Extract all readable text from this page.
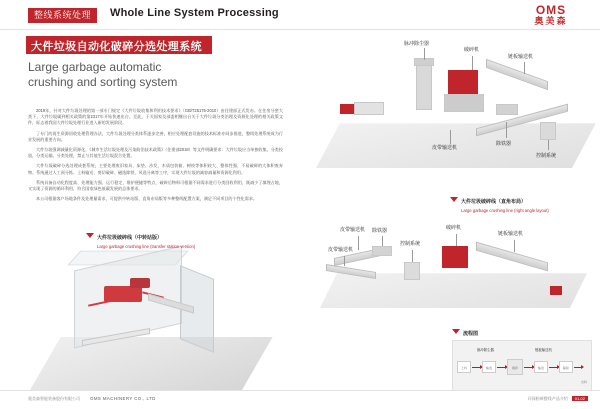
整线系统处理	Whole Line System Processing	OMS
奥美森
大件垃圾自动化破碎分选处理系统
Large garbage automatic crushing and sorting system

2019年，针对大件垃圾处理的第一部专门规定《大件垃圾收集和利用技术要求》（GB/T25175-2010）由住建部正式发布。在住房分密大类下，大件垃圾属到相关政策的第2317年开始快速出台。至此，于关国家及部委相继出台关于大件垃圾分类治理及资源化处理的相关政策文件，标志着我国大件垃圾处理行业进入新的发展阶段。

了专门的再生资源回收处理管理办法，大件垃圾处理分类体系逐步完善，相应处理配套设施的技术标准亦同步推进，整线处理系统成为行业发展的重要方向。

大件垃圾强调减量化资源化，《城市生活垃圾处理及污染防治技术政策》（住建部2018）等文件明确要求：大件垃圾应当单独收集，分类投放，分类运输，分类处理，禁止与其他生活垃圾混合处置。

大件垃圾破碎分选处理成套系统，主要处理废旧家具、床垫、沙发、木质包装箱、树枝等体积较大、整体性强、不易破碎的大体积废弃物。系统通过人工预分拣、上料输送、剪切破碎、磁选除铁、风选分离等工序，实现大件垃圾的减容减量和资源化利用。

系统具备自动化程度高、处理能力强、运行稳定、维护便捷等特点，破碎后物料可根据不同需求进行分类回收利用，既减少了填埋占地，又实现了资源的循环利用，符合国家绿色低碳发展的总体要求。

本公司根据客户场地条件及处理量需求，可提供中转站版、直角布局版等多种整线配置方案，满足不同项目的个性化需求。

大件垃圾破碎线（中转站版）
Large garbage crushing line (transfer station version)
脉冲除尘器
破碎机
链板输送机
皮带输送机
除铁器
控制系统
大件垃圾破碎线（直角布局）
Large garbage crushing line (right angle layout)
皮带输送机 除铁器
皮带输送机
控制系统
破碎机
链板输送机
流程图
上料	输送	破碎	输送	除铁
出料
脉冲除尘器	链板输送机
奥美森智能装备股份有限公司 OMS MACHINERY CO., LTD	环保粉碎整线产品介绍 01-02
